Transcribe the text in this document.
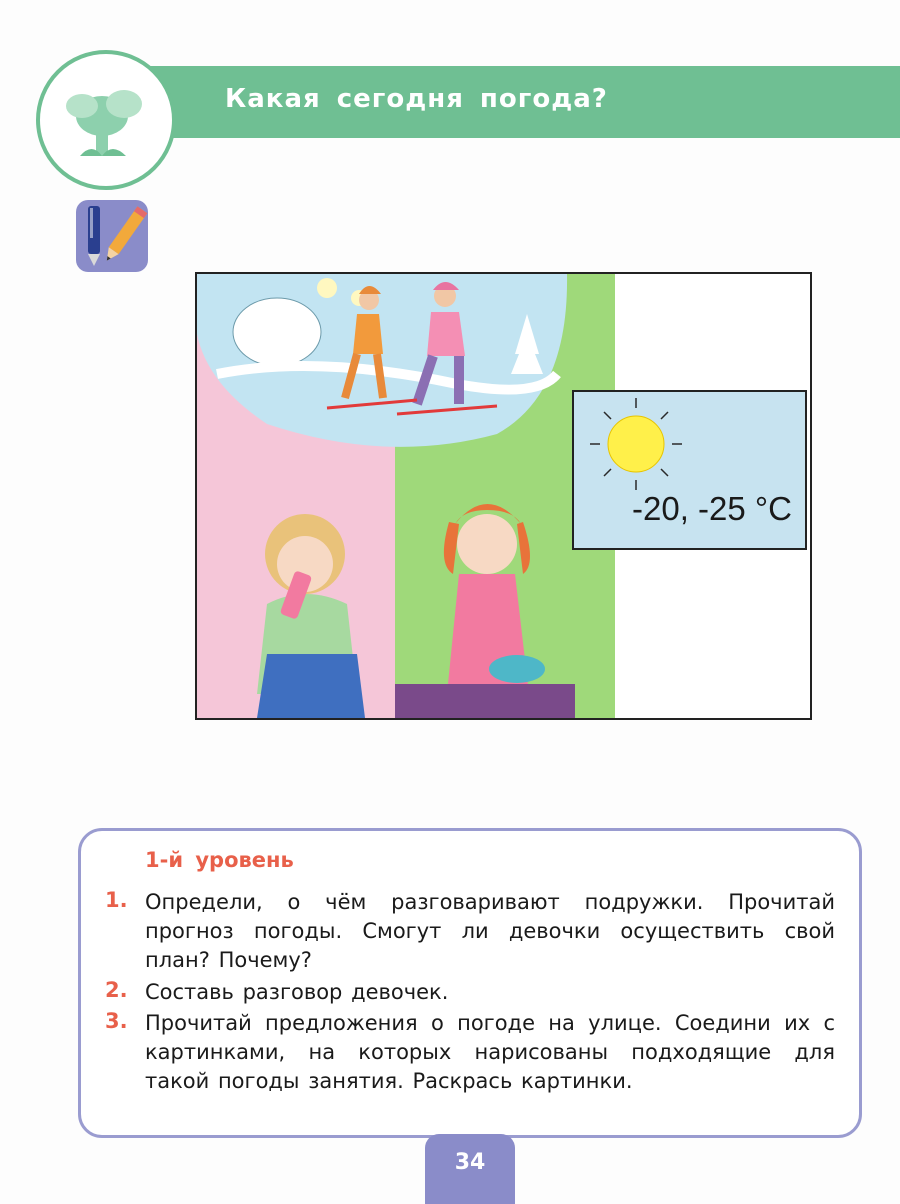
Какая сегодня погода?
-20, -25 °C
1-й уровень
1. Определи, о чём разговаривают подружки. Прочитай прогноз погоды. Смогут ли девочки осуществить свой план? Почему?
2. Составь разговор девочек.
3. Прочитай предложения о погоде на улице. Соедини их с картинками, на которых нарисованы подходящие для такой погоды занятия. Раскрась картинки.
34
